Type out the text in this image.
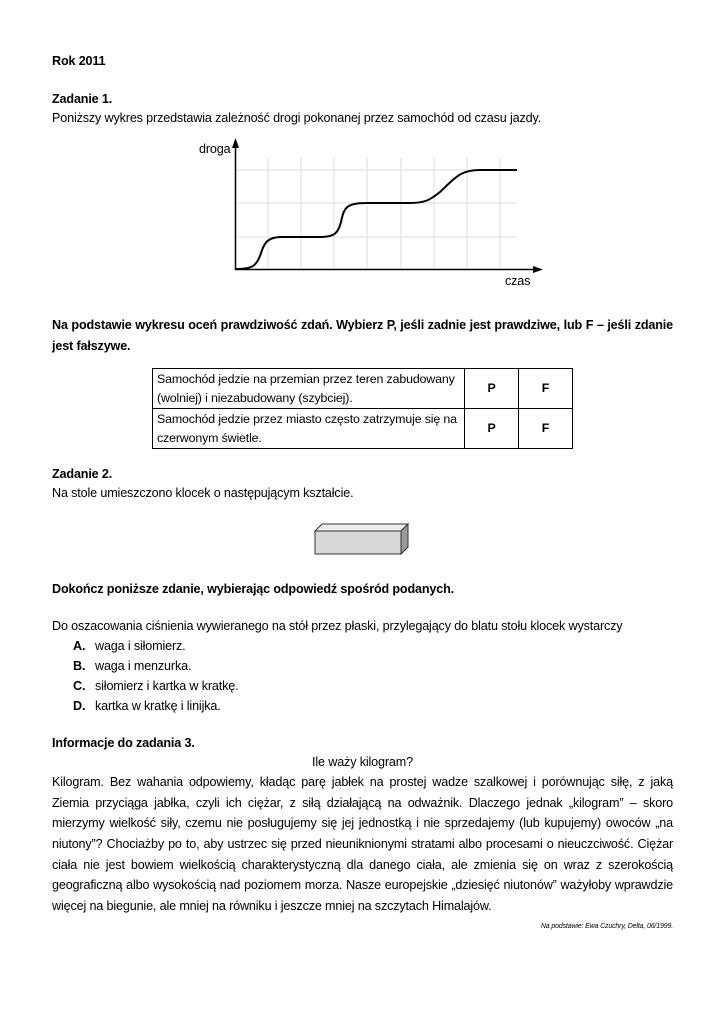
Rok 2011
Zadanie 1.
Poniższy wykres przedstawia zależność drogi pokonanej przez samochód od czasu jazdy.
droga
czas
Na podstawie wykresu oceń prawdziwość zdań. Wybierz P, jeśli zadnie jest prawdziwe, lub F – jeśli zdanie jest fałszywe.
Samochód jedzie na przemian przez teren zabudowany (wolniej) i niezabudowany (szybciej).	P	F
Samochód jedzie przez miasto często zatrzymuje się na czerwonym świetle.	P	F
Zadanie 2.
Na stole umieszczono klocek o następującym kształcie.
Dokończ poniższe zdanie, wybierając odpowiedź spośród podanych.
Do oszacowania ciśnienia wywieranego na stół przez płaski, przylegający do blatu stołu klocek wystarczy
A. waga i siłomierz.
B. waga i menzurka.
C. siłomierz i kartka w kratkę.
D. kartka w kratkę i linijka.
Informacje do zadania 3.
Ile waży kilogram?
Kilogram. Bez wahania odpowiemy, kładąc parę jabłek na prostej wadze szalkowej i porównując siłę, z jaką Ziemia przyciąga jabłka, czyli ich ciężar, z siłą działającą na odważnik. Dlaczego jednak „kilogram” – skoro mierzymy wielkość siły, czemu nie posługujemy się jej jednostką i nie sprzedajemy (lub kupujemy) owoców „na niutony”? Chociażby po to, aby ustrzec się przed nieuniknionymi stratami albo procesami o nieuczciwość. Ciężar ciała nie jest bowiem wielkością charakterystyczną dla danego ciała, ale zmienia się on wraz z szerokością geograficzną albo wysokością nad poziomem morza. Nasze europejskie „dziesięć niutonów” ważyłoby wprawdzie więcej na biegunie, ale mniej na równiku i jeszcze mniej na szczytach Himalajów.
Na podstawie: Ewa Czuchry, Delta, 06/1999.
